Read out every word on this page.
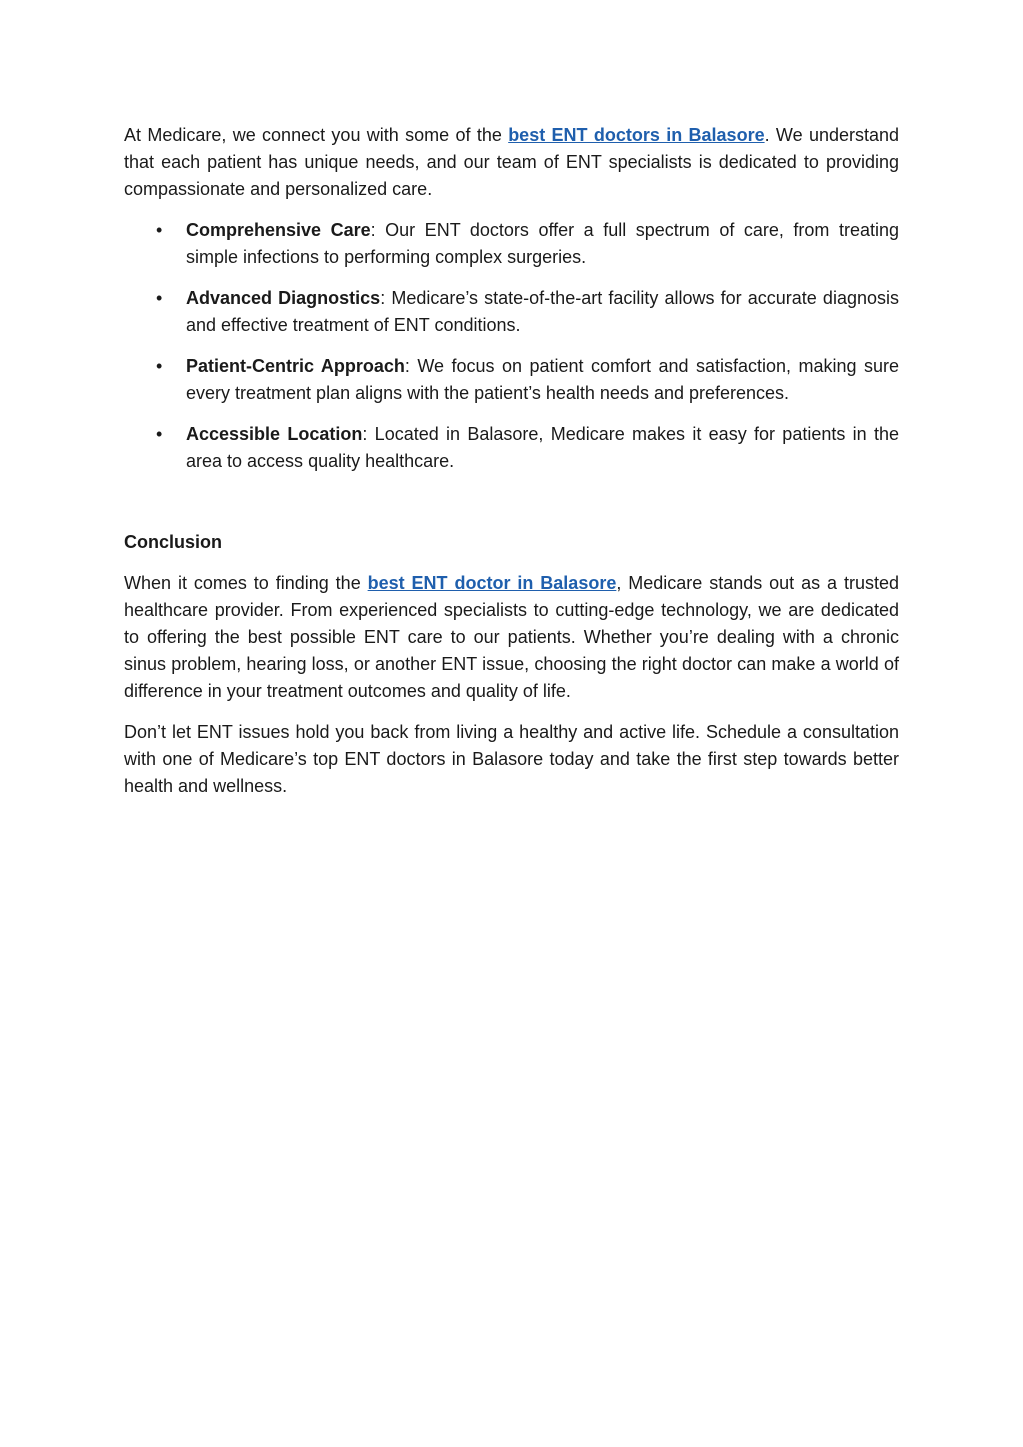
At Medicare, we connect you with some of the best ENT doctors in Balasore. We understand that each patient has unique needs, and our team of ENT specialists is dedicated to providing compassionate and personalized care.

• Comprehensive Care: Our ENT doctors offer a full spectrum of care, from treating simple infections to performing complex surgeries.
• Advanced Diagnostics: Medicare’s state-of-the-art facility allows for accurate diagnosis and effective treatment of ENT conditions.
• Patient-Centric Approach: We focus on patient comfort and satisfaction, making sure every treatment plan aligns with the patient’s health needs and preferences.
• Accessible Location: Located in Balasore, Medicare makes it easy for patients in the area to access quality healthcare.

Conclusion

When it comes to finding the best ENT doctor in Balasore, Medicare stands out as a trusted healthcare provider. From experienced specialists to cutting-edge technology, we are dedicated to offering the best possible ENT care to our patients. Whether you’re dealing with a chronic sinus problem, hearing loss, or another ENT issue, choosing the right doctor can make a world of difference in your treatment outcomes and quality of life.

Don’t let ENT issues hold you back from living a healthy and active life. Schedule a consultation with one of Medicare’s top ENT doctors in Balasore today and take the first step towards better health and wellness.
